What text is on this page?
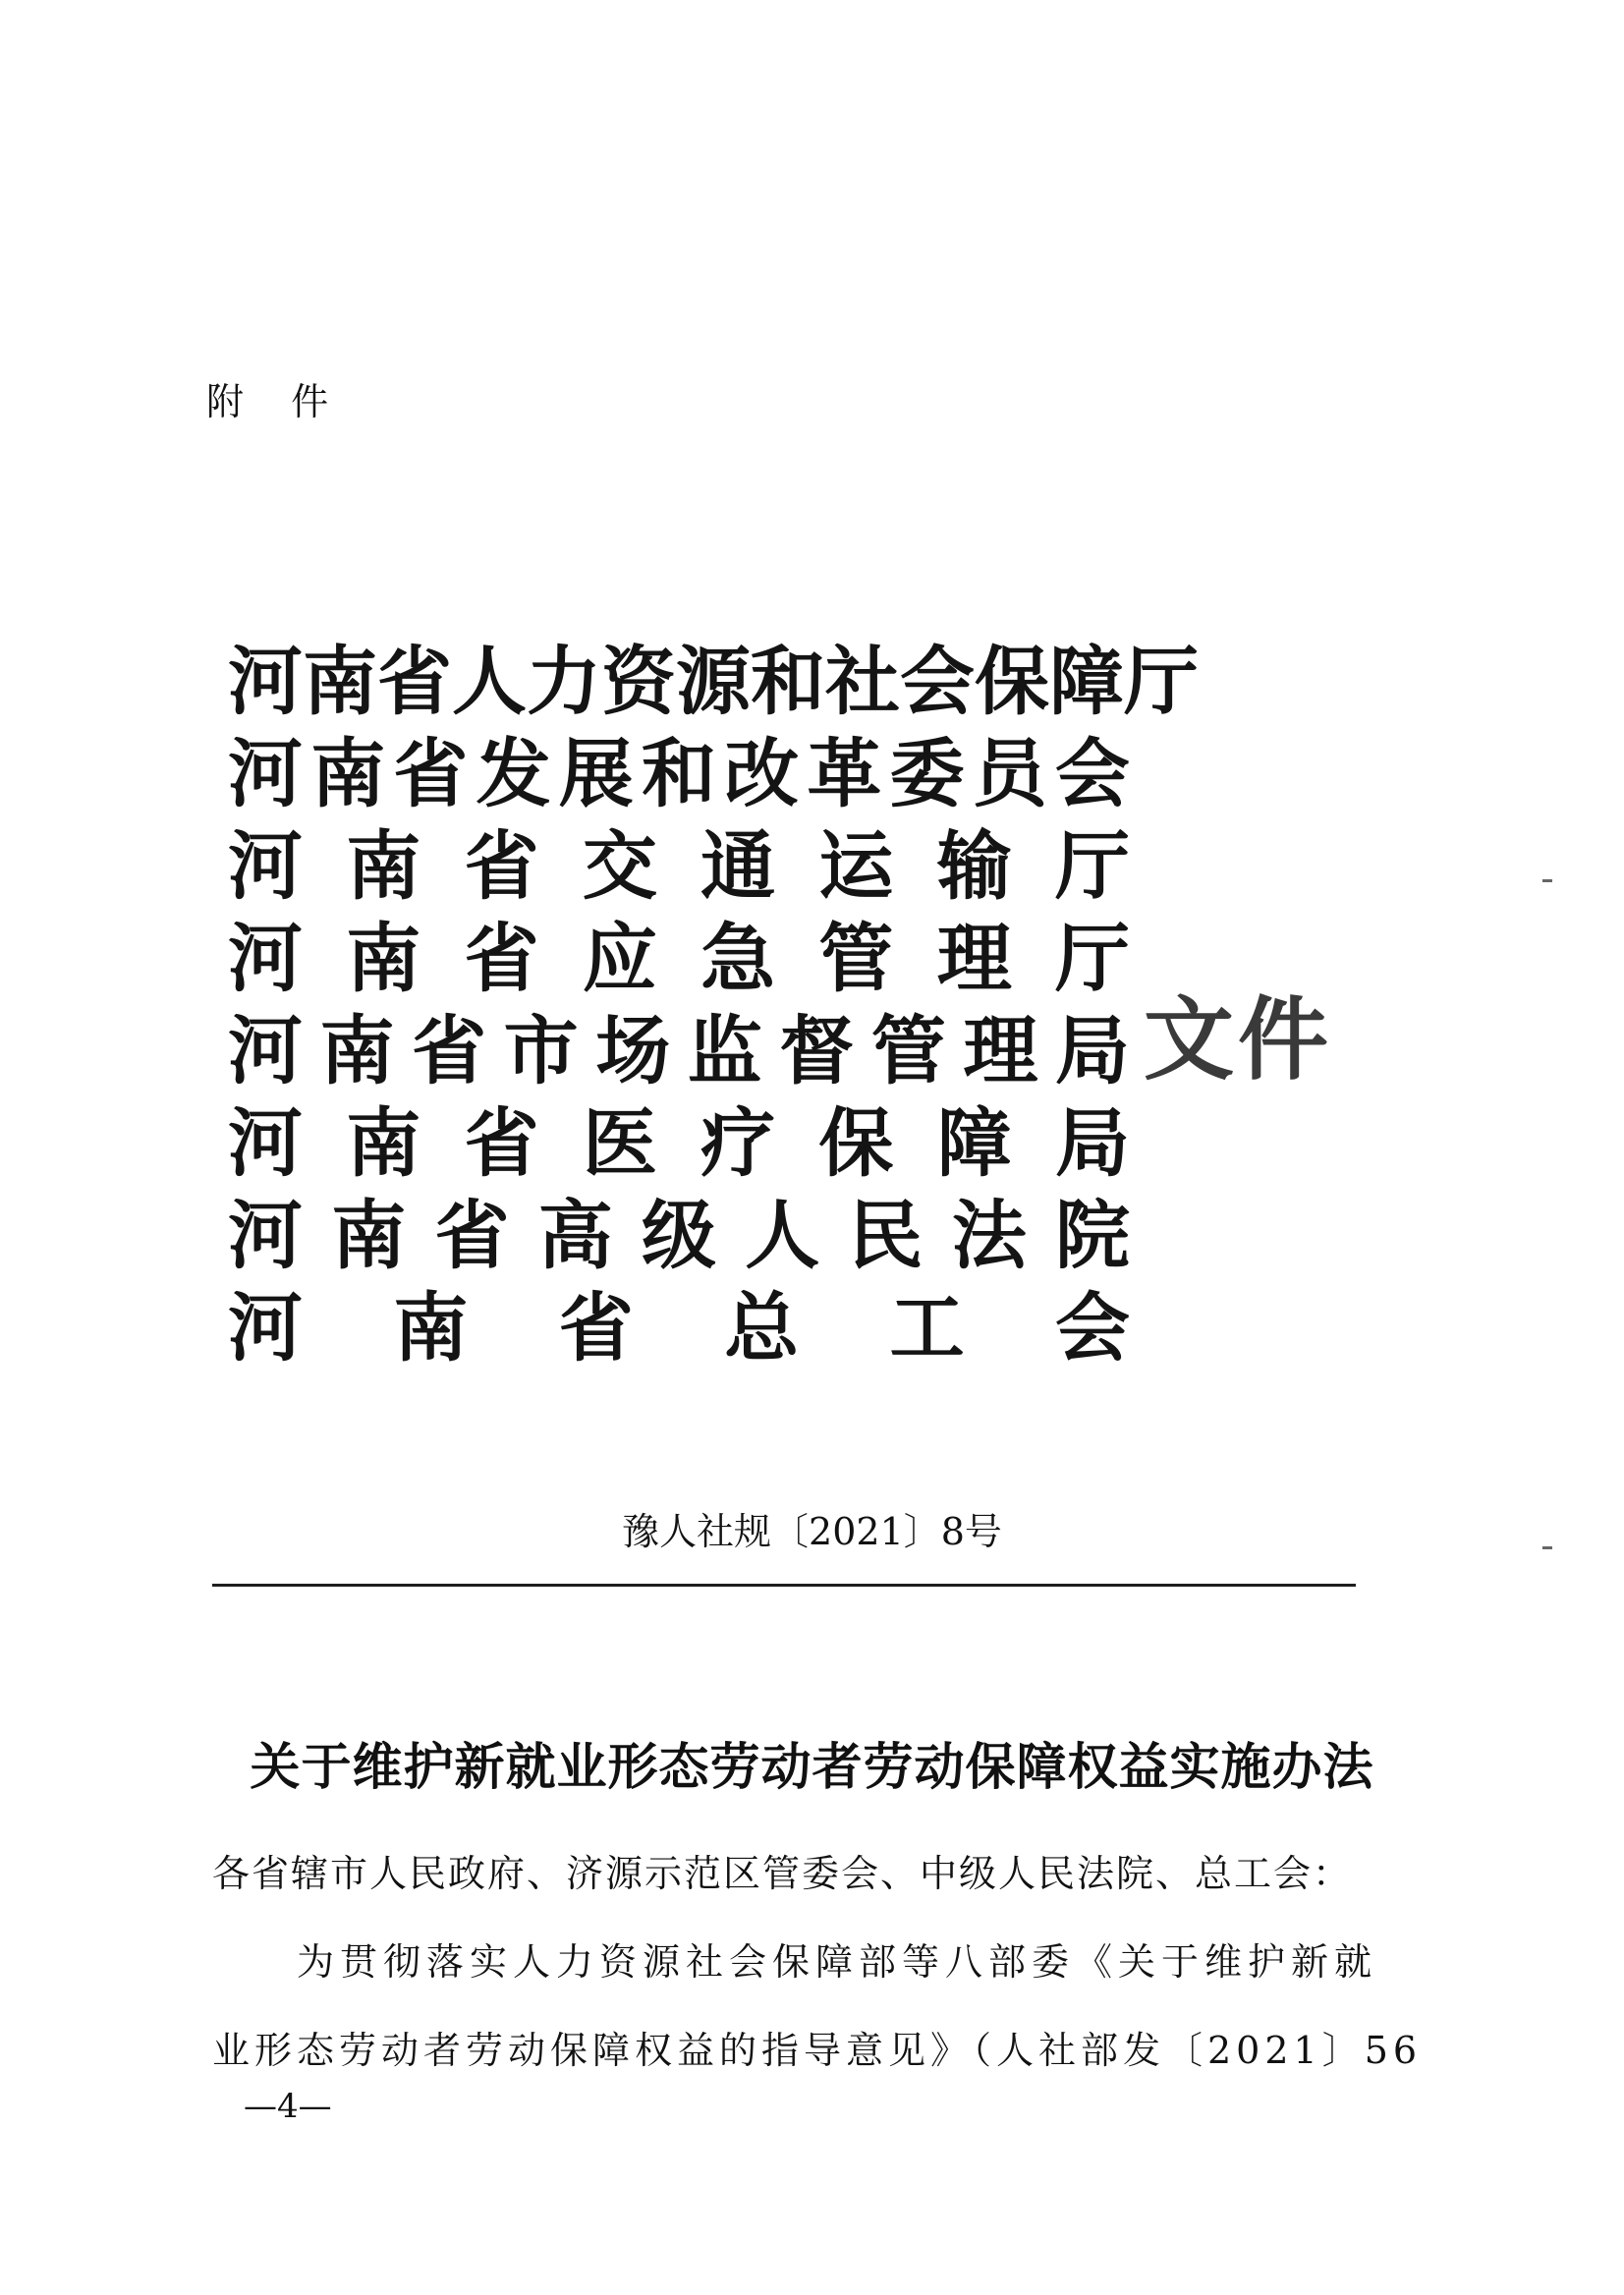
附 件
河 南 省 人 力 资 源 和 社 会 保 障 厅
河 南 省 发 展 和 改 革 委 员 会
河 南 省 交 通 运 输 厅
河 南 省 应 急 管 理 厅
河 南 省 市 场 监 督 管 理 局
河 南 省 医 疗 保 障 局
河 南 省 高 级 人 民 法 院
河 南 省 总 工 会
文件
豫人社规〔2021〕8号
关于维护新就业形态劳动者劳动保障权益实施办法
各省辖市人民政府、济源示范区管委会、中级人民法院、总工会：
为贯彻落实人力资源社会保障部等八部委《关于维护新就
业形态劳动者劳动保障权益的指导意见》（人社部发〔2021〕56
—4—
